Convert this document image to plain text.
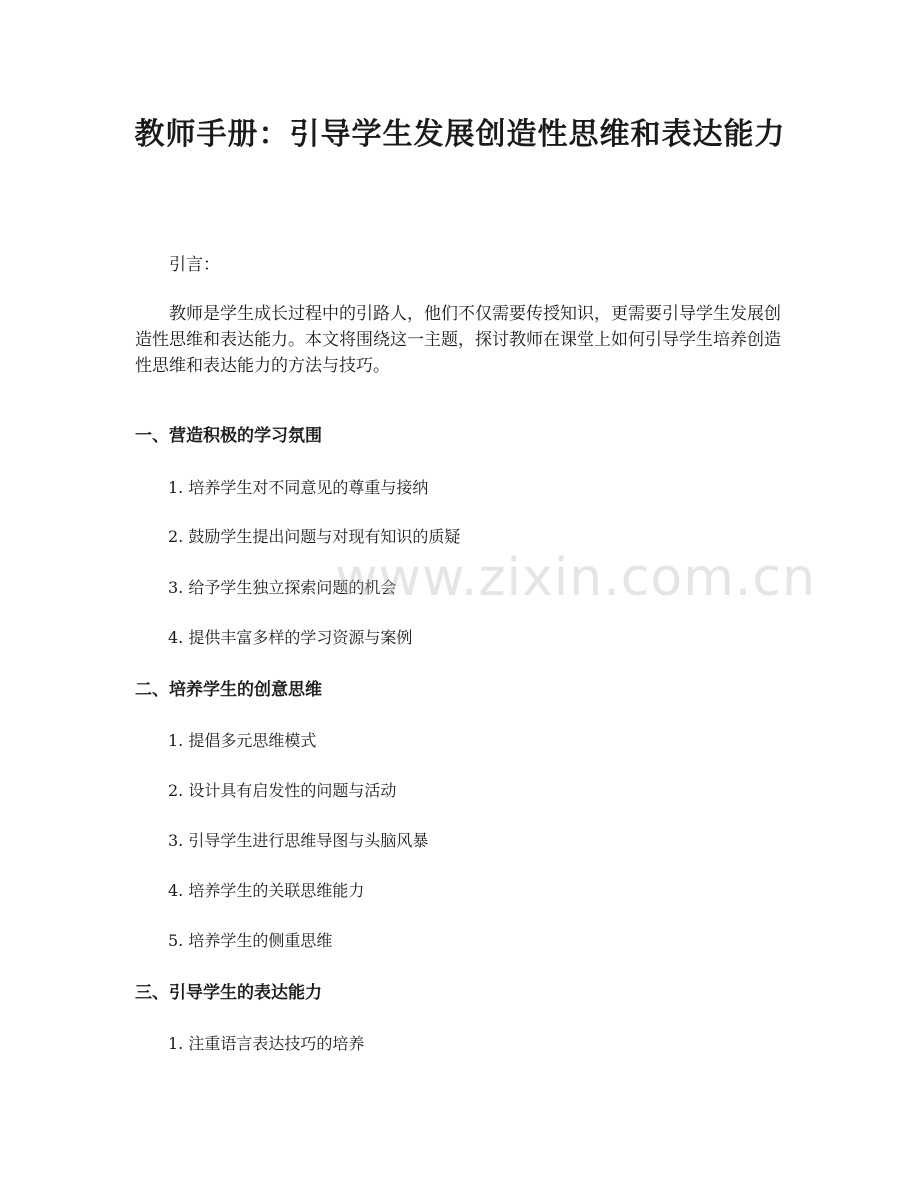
教师手册：引导学生发展创造性思维和表达能力

引言：

教师是学生成长过程中的引路人，他们不仅需要传授知识，更需要引导学生发展创造性思维和表达能力。本文将围绕这一主题，探讨教师在课堂上如何引导学生培养创造性思维和表达能力的方法与技巧。

一、营造积极的学习氛围

1. 培养学生对不同意见的尊重与接纳

2. 鼓励学生提出问题与对现有知识的质疑

3. 给予学生独立探索问题的机会

4. 提供丰富多样的学习资源与案例

二、培养学生的创意思维

1. 提倡多元思维模式

2. 设计具有启发性的问题与活动

3. 引导学生进行思维导图与头脑风暴

4. 培养学生的关联思维能力

5. 培养学生的侧重思维

三、引导学生的表达能力

1. 注重语言表达技巧的培养

www.zixin.com.cn
